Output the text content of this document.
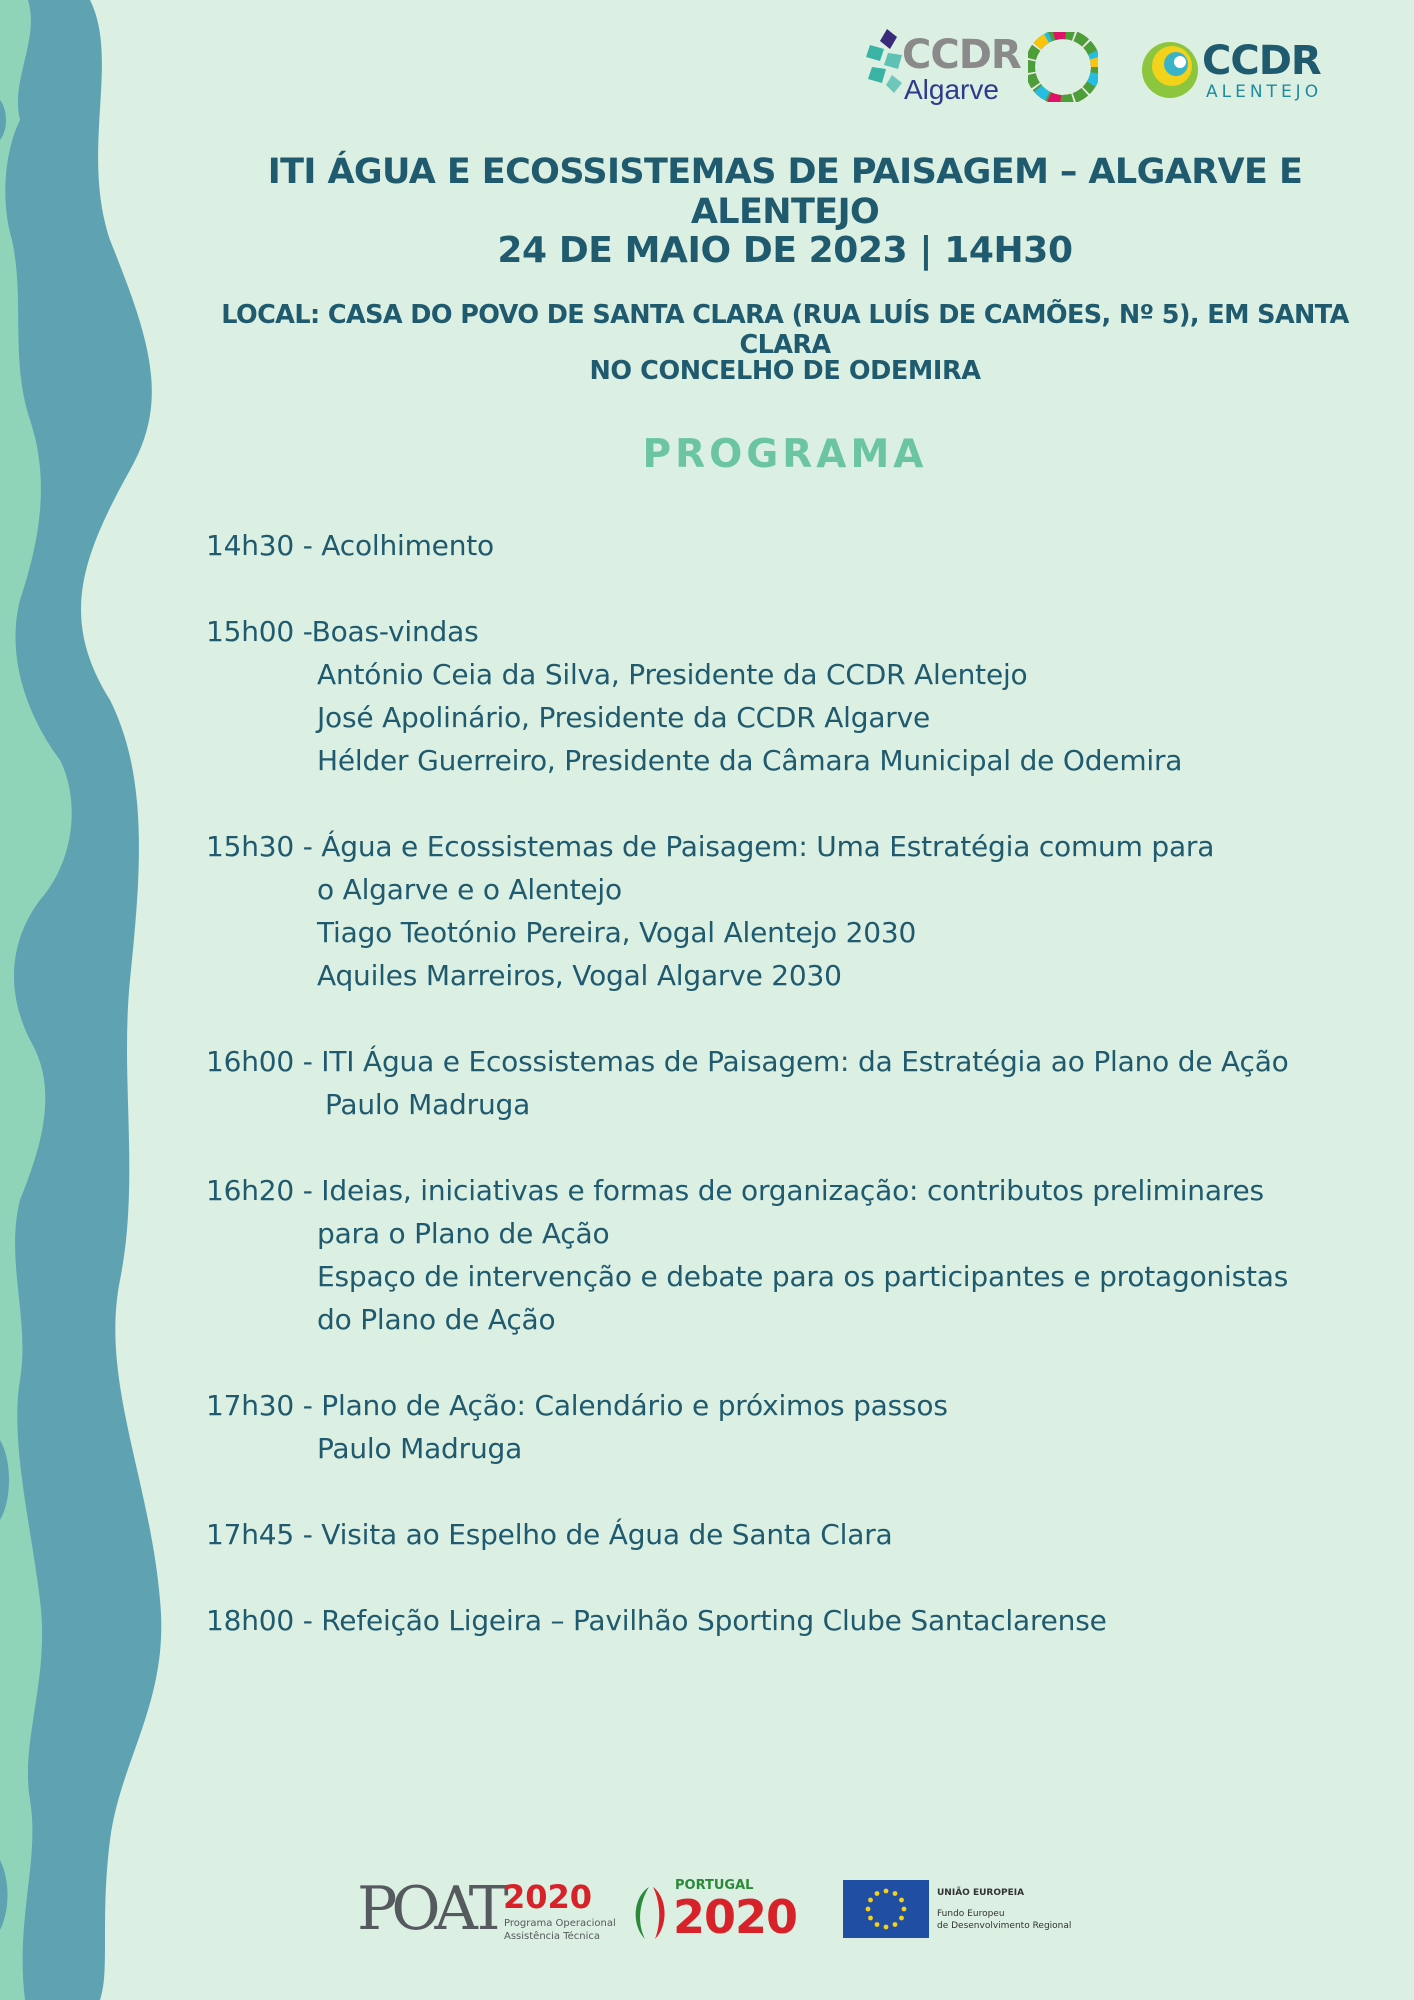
CCDR
Algarve
CCDR
ALENTEJO
ITI ÁGUA E ECOSSISTEMAS DE PAISAGEM – ALGARVE E ALENTEJO
24 DE MAIO DE 2023 | 14H30
LOCAL: CASA DO POVO DE SANTA CLARA (RUA LUÍS DE CAMÕES, Nº 5), EM SANTA CLARA
NO CONCELHO DE ODEMIRA
PROGRAMA
14h30 - Acolhimento
15h00 -Boas-vindas
António Ceia da Silva, Presidente da CCDR Alentejo
José Apolinário, Presidente da CCDR Algarve
Hélder Guerreiro, Presidente da Câmara Municipal de Odemira
15h30 - Água e Ecossistemas de Paisagem: Uma Estratégia comum para
o Algarve e o Alentejo
Tiago Teotónio Pereira, Vogal Alentejo 2030
Aquiles Marreiros, Vogal Algarve 2030
16h00 - ITI Água e Ecossistemas de Paisagem: da Estratégia ao Plano de Ação
Paulo Madruga
16h20 - Ideias, iniciativas e formas de organização: contributos preliminares
para o Plano de Ação
Espaço de intervenção e debate para os participantes e protagonistas
do Plano de Ação
17h30 - Plano de Ação: Calendário e próximos passos
Paulo Madruga
17h45 - Visita ao Espelho de Água de Santa Clara
18h00 - Refeição Ligeira – Pavilhão Sporting Clube Santaclarense
POAT 2020
Programa Operacional
Assistência Técnica
PORTUGAL
2020	UNIÃO EUROPEIA
Fundo Europeu
de Desenvolvimento Regional
